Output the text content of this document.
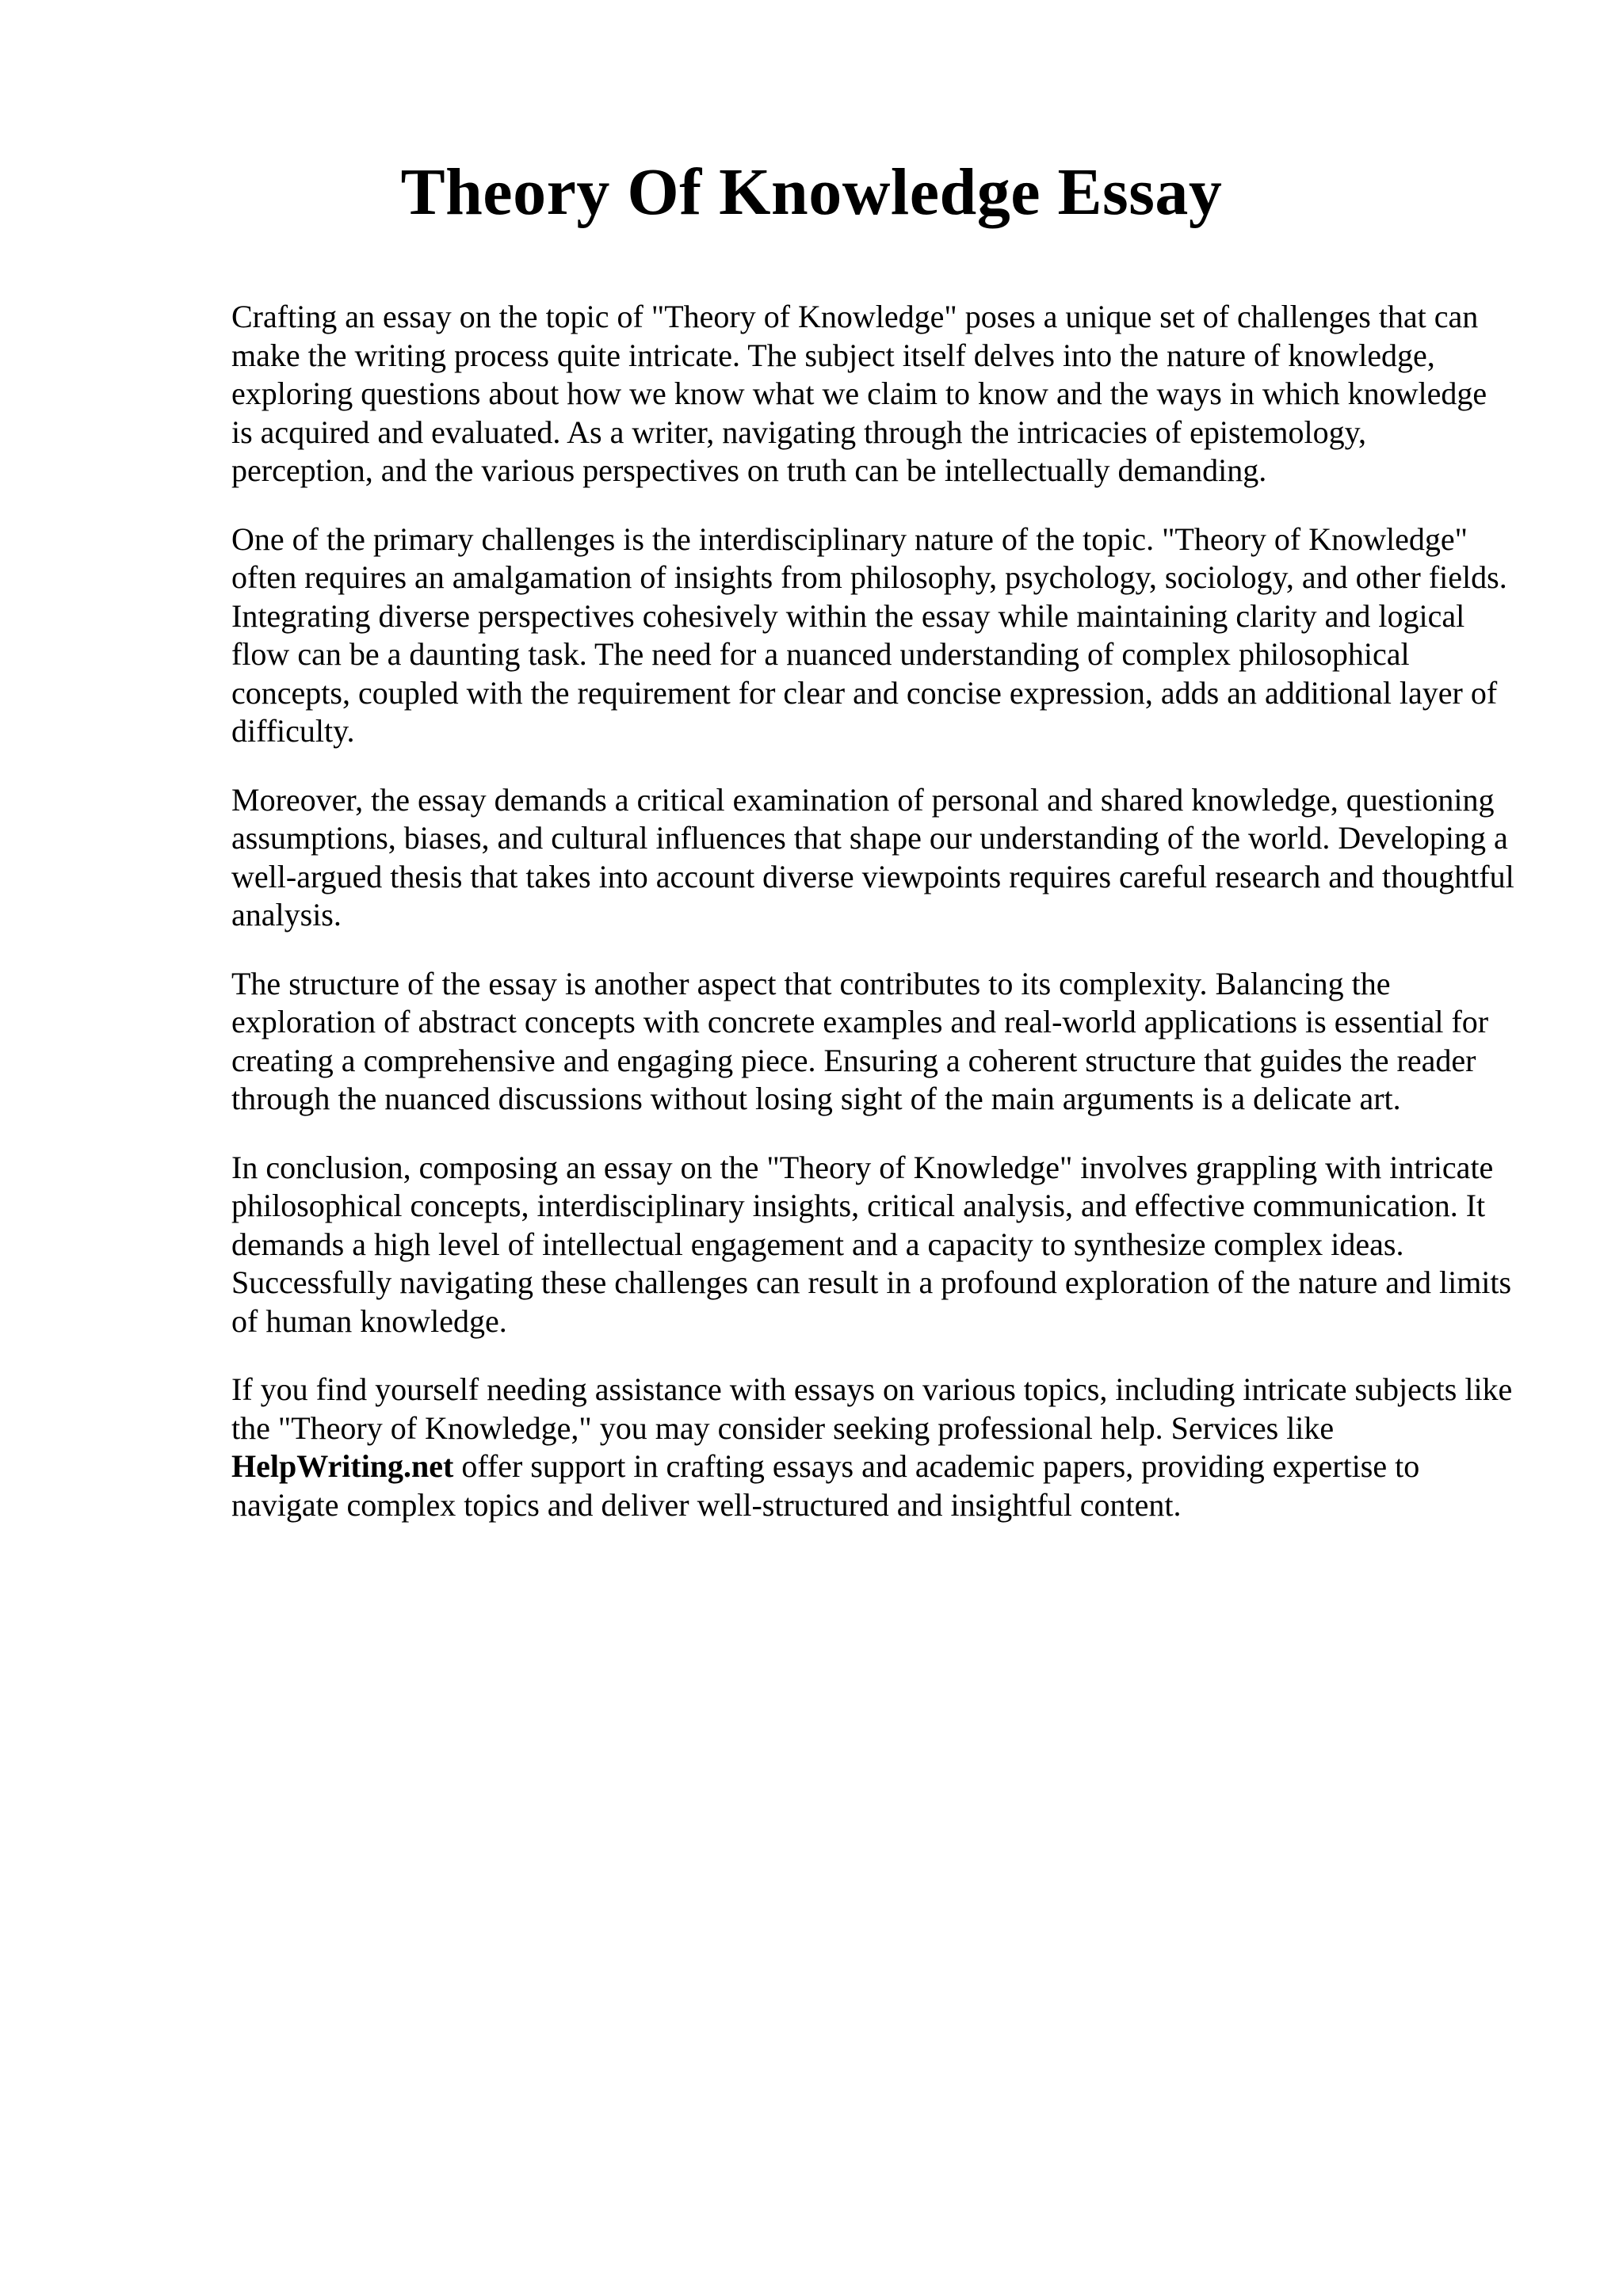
Theory Of Knowledge Essay

Crafting an essay on the topic of "Theory of Knowledge" poses a unique set of challenges that can make the writing process quite intricate. The subject itself delves into the nature of knowledge, exploring questions about how we know what we claim to know and the ways in which knowledge is acquired and evaluated. As a writer, navigating through the intricacies of epistemology, perception, and the various perspectives on truth can be intellectually demanding.

One of the primary challenges is the interdisciplinary nature of the topic. "Theory of Knowledge" often requires an amalgamation of insights from philosophy, psychology, sociology, and other fields. Integrating diverse perspectives cohesively within the essay while maintaining clarity and logical flow can be a daunting task. The need for a nuanced understanding of complex philosophical concepts, coupled with the requirement for clear and concise expression, adds an additional layer of difficulty.

Moreover, the essay demands a critical examination of personal and shared knowledge, questioning assumptions, biases, and cultural influences that shape our understanding of the world. Developing a well-argued thesis that takes into account diverse viewpoints requires careful research and thoughtful analysis.

The structure of the essay is another aspect that contributes to its complexity. Balancing the exploration of abstract concepts with concrete examples and real-world applications is essential for creating a comprehensive and engaging piece. Ensuring a coherent structure that guides the reader through the nuanced discussions without losing sight of the main arguments is a delicate art.

In conclusion, composing an essay on the "Theory of Knowledge" involves grappling with intricate philosophical concepts, interdisciplinary insights, critical analysis, and effective communication. It demands a high level of intellectual engagement and a capacity to synthesize complex ideas. Successfully navigating these challenges can result in a profound exploration of the nature and limits of human knowledge.

If you find yourself needing assistance with essays on various topics, including intricate subjects like the "Theory of Knowledge," you may consider seeking professional help. Services like HelpWriting.net offer support in crafting essays and academic papers, providing expertise to navigate complex topics and deliver well-structured and insightful content.
